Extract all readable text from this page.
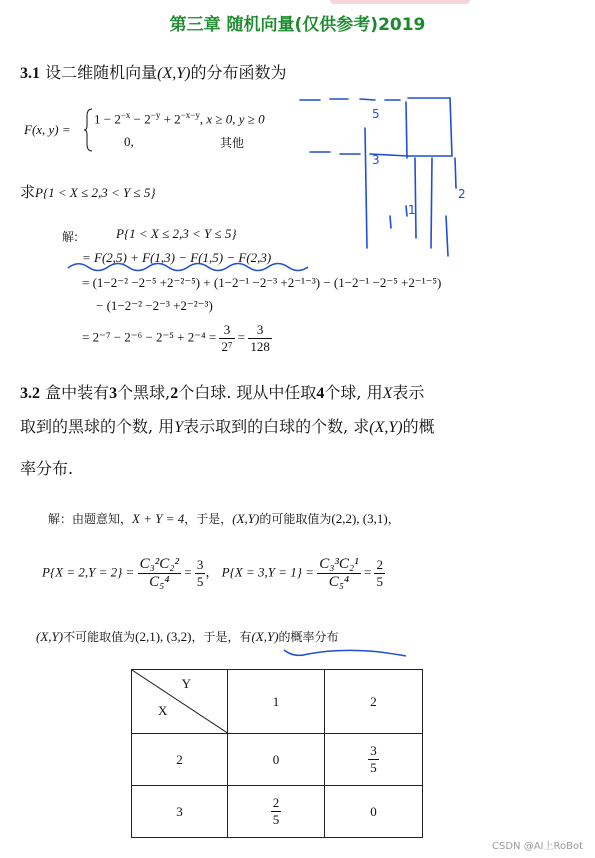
第三章 随机向量(仅供参考)2019
3.1 设二维随机向量(X,Y)的分布函数为
F(x, y) =
$1 - 2^{-x} - 2^{-y} + 2^{-x-y}$, x ≥ 0, y ≥ 0
0,	其他
求P{1 < X ≤ 2,3 < Y ≤ 5}
5
3
1
2
解:	P{1 < X ≤ 2,3 < Y ≤ 5}
= F(2,5) + F(1,3) − F(1,5) − F(2,3)
= (1−2⁻² −2⁻⁵ +2⁻²⁻⁵) + (1−2⁻¹ −2⁻³ +2⁻¹⁻³) − (1−2⁻¹ −2⁻⁵ +2⁻¹⁻⁵)
− (1−2⁻² −2⁻³ +2⁻²⁻³)
= $2^{-7} - 2^{-6} - 2^{-5} + 2^{-4} = \frac{3}{\text{2⁷}} = \frac{3}{128}$
3.2 盒中装有3个黑球,2个白球. 现从中任取4个球, 用X表示
取到的黑球的个数, 用Y表示取到的白球的个数, 求(X,Y)的概
率分布.
解：由题意知，X + Y = 4，于是，(X,Y)的可能取值为(2,2), (3,1)，
$P\{X = 2,Y = 2\} = \frac{\text{C₃²C₂²}}{\text{C₅⁴}} = \frac{3}{5}$ ， $P\{X = 3,Y = 1\} = \frac{\text{C₃³C₂¹}}{\text{C₅⁴}} = \frac{2}{5}$
(X,Y)不可能取值为(2,1), (3,2)，于是，有(X,Y)的概率分布
Y
X	1	2
2	0	$\frac{3}{5}$

3	$\frac{2}{5}$	0
CSDN @AI上RoBot
